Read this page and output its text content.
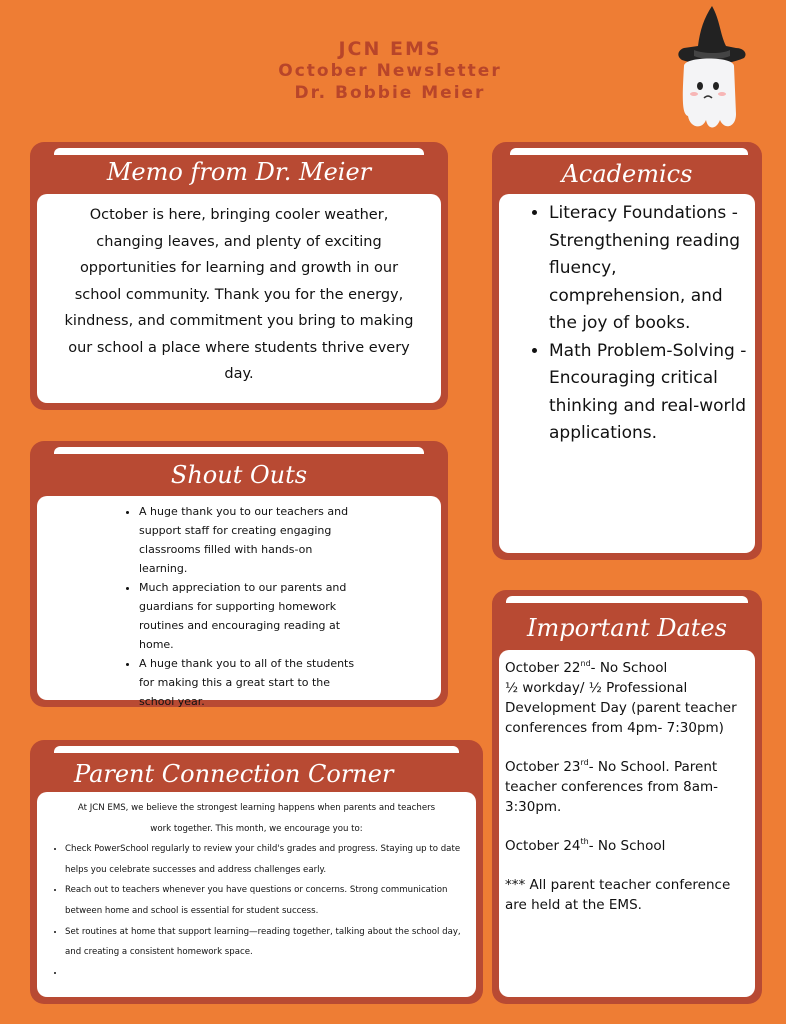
JCN EMS
October Newsletter
Dr. Bobbie Meier
Memo from Dr. Meier

October is here, bringing cooler weather, changing leaves, and plenty of exciting opportunities for learning and growth in our school community. Thank you for the energy, kindness, and commitment you bring to making our school a place where students thrive every day.

Academics
• Literacy Foundations - Strengthening reading fluency, comprehension, and the joy of books.
• Math Problem-Solving - Encouraging critical thinking and real-world applications.
Shout Outs
• A huge thank you to our teachers and support staff for creating engaging classrooms filled with hands-on learning.
• Much appreciation to our parents and guardians for supporting homework routines and encouraging reading at home.
• A huge thank you to all of the students for making this a great start to the school year.
Important Dates
October 22nd- No School
½ workday/ ½ Professional Development Day (parent teacher conferences from 4pm- 7:30pm)
October 23rd- No School. Parent teacher conferences from 8am-3:30pm.
October 24th- No School
*** All parent teacher conference are held at the EMS.
Parent Connection Corner

At JCN EMS, we believe the strongest learning happens when parents and teachers work together. This month, we encourage you to:

• Check PowerSchool regularly to review your child's grades and progress. Staying up to date helps you celebrate successes and address challenges early.
• Reach out to teachers whenever you have questions or concerns. Strong communication between home and school is essential for student success.
• Set routines at home that support learning—reading together, talking about the school day, and creating a consistent homework space.
•
